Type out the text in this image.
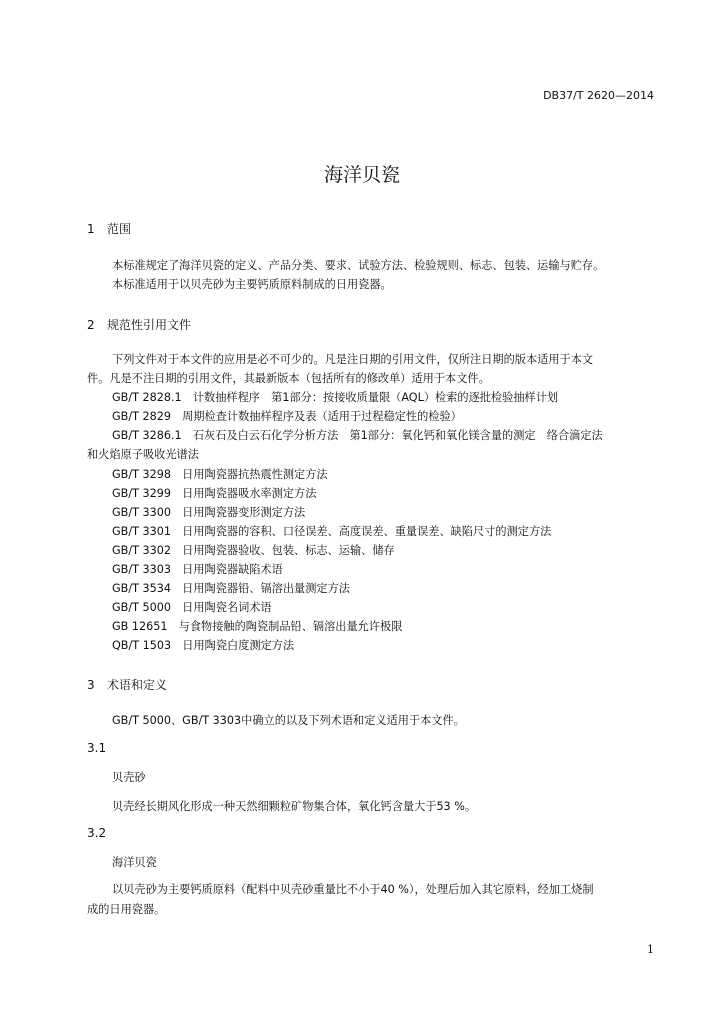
DB37/T 2620—2014
海洋贝瓷
1 范围
本标准规定了海洋贝瓷的定义、产品分类、要求、试验方法、检验规则、标志、包装、运输与贮存。
本标准适用于以贝壳砂为主要钙质原料制成的日用瓷器。
2 规范性引用文件
下列文件对于本文件的应用是必不可少的。凡是注日期的引用文件，仅所注日期的版本适用于本文
件。凡是不注日期的引用文件，其最新版本（包括所有的修改单）适用于本文件。
GB/T 2828.1　计数抽样程序　第1部分：按接收质量限（AQL）检索的逐批检验抽样计划
GB/T 2829　周期检查计数抽样程序及表（适用于过程稳定性的检验）
GB/T 3286.1　石灰石及白云石化学分析方法　第1部分：氧化钙和氧化镁含量的测定　络合滴定法
和火焰原子吸收光谱法
GB/T 3298　日用陶瓷器抗热震性测定方法
GB/T 3299　日用陶瓷器吸水率测定方法
GB/T 3300　日用陶瓷器变形测定方法
GB/T 3301　日用陶瓷器的容积、口径误差、高度误差、重量误差、缺陷尺寸的测定方法
GB/T 3302　日用陶瓷器验收、包装、标志、运输、储存
GB/T 3303　日用陶瓷器缺陷术语
GB/T 3534　日用陶瓷器铅、镉溶出量测定方法
GB/T 5000　日用陶瓷名词术语
GB 12651　与食物接触的陶瓷制品铅、镉溶出量允许极限
QB/T 1503　日用陶瓷白度测定方法
3 术语和定义
GB/T 5000、GB/T 3303中确立的以及下列术语和定义适用于本文件。
3.1
贝壳砂
贝壳经长期风化形成一种天然细颗粒矿物集合体，氧化钙含量大于53 %。
3.2
海洋贝瓷
以贝壳砂为主要钙质原料（配料中贝壳砂重量比不小于40 %），处理后加入其它原料，经加工烧制
成的日用瓷器。
1
